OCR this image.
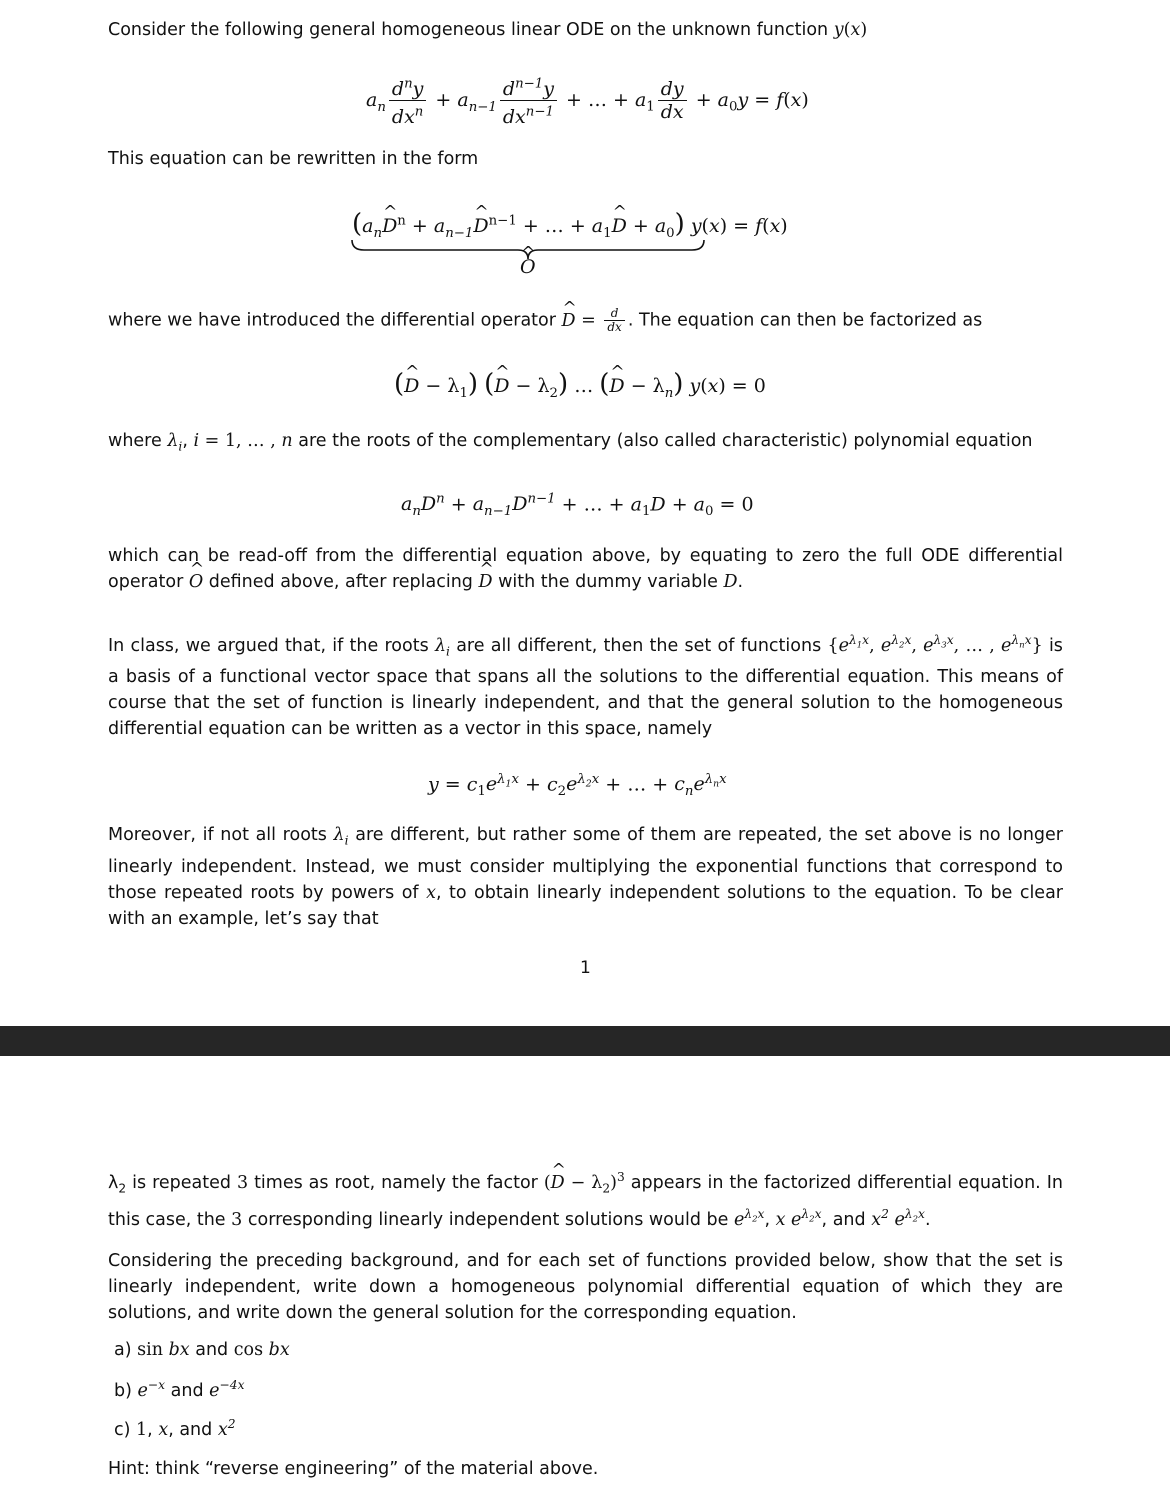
Consider the following general homogeneous linear ODE on the unknown function y(x)

$a_n \frac{d^ny}{dx^n} + a_{n-1} \frac{d^{n-1}y}{dx^{n-1}}$ + … + $a_1 \frac{dy}{dx} + a_0y = f(x)$

This equation can be rewritten in the form

($a_n\^{}$ $D^n$ + $a_{n-1}\^{}$ $D^{n-1}$ + … + $a_1\^{}$ $D + a_0$) y(x) = f(x)
^ O

where we have introduced the differential operator ^ $D = \frac{d}{dx}$ . The equation can then be factorized as

(^ $D - \lambda_1$) (^ $D - \lambda_2$) … (^ $D - \lambda_n$) y(x) = 0

where $\lambda_i$, i = 1, … , n are the roots of the complementary (also called characteristic) polynomial equation

$a_nD^n + a_{n-1}D^{n-1}$ + … + $a_1D + a_0 = 0$

which can be read-off from the differential equation above, by equating to zero the full ODE differential operator ^ O defined above, after replacing ^ D with the dummy variable D.

In class, we argued that, if the roots $\lambda_i$ are all different, then the set of functions {$e^{\lambda_1x}$, $e^{\lambda_2x}$, $e^{\lambda_3x}$, … , $e^{\lambda_nx}$} is a basis of a functional vector space that spans all the solutions to the differential equation. This means of course that the set of function is linearly independent, and that the general solution to the homogeneous differential equation can be written as a vector in this space, namely

$y = c_1e^{\lambda_1x} + c_2e^{\lambda_2x}$ + … + $c_ne^{\lambda_nx}$

Moreover, if not all roots $\lambda_i$ are different, but rather some of them are repeated, the set above is no longer linearly independent. Instead, we must consider multiplying the exponential functions that correspond to those repeated roots by powers of x, to obtain linearly independent solutions to the equation. To be clear with an example, let’s say that

1

$\lambda_2$ is repeated 3 times as root, namely the factor (^ $D - \lambda_2)^3$ appears in the factorized differential equation. In this case, the 3 corresponding linearly independent solutions would be $e^{\lambda_2x}$, x $e^{\lambda_2x}$, and $x^2$ $e^{\lambda_2x}$.

Considering the preceding background, and for each set of functions provided below, show that the set is linearly independent, write down a homogeneous polynomial differential equation of which they are solutions, and write down the general solution for the corresponding equation.

a) sin bx and cos bx
b) $e^{-x}$ and $e^{-4x}$
c) 1, x, and $x^2$

Hint: think “reverse engineering” of the material above.
